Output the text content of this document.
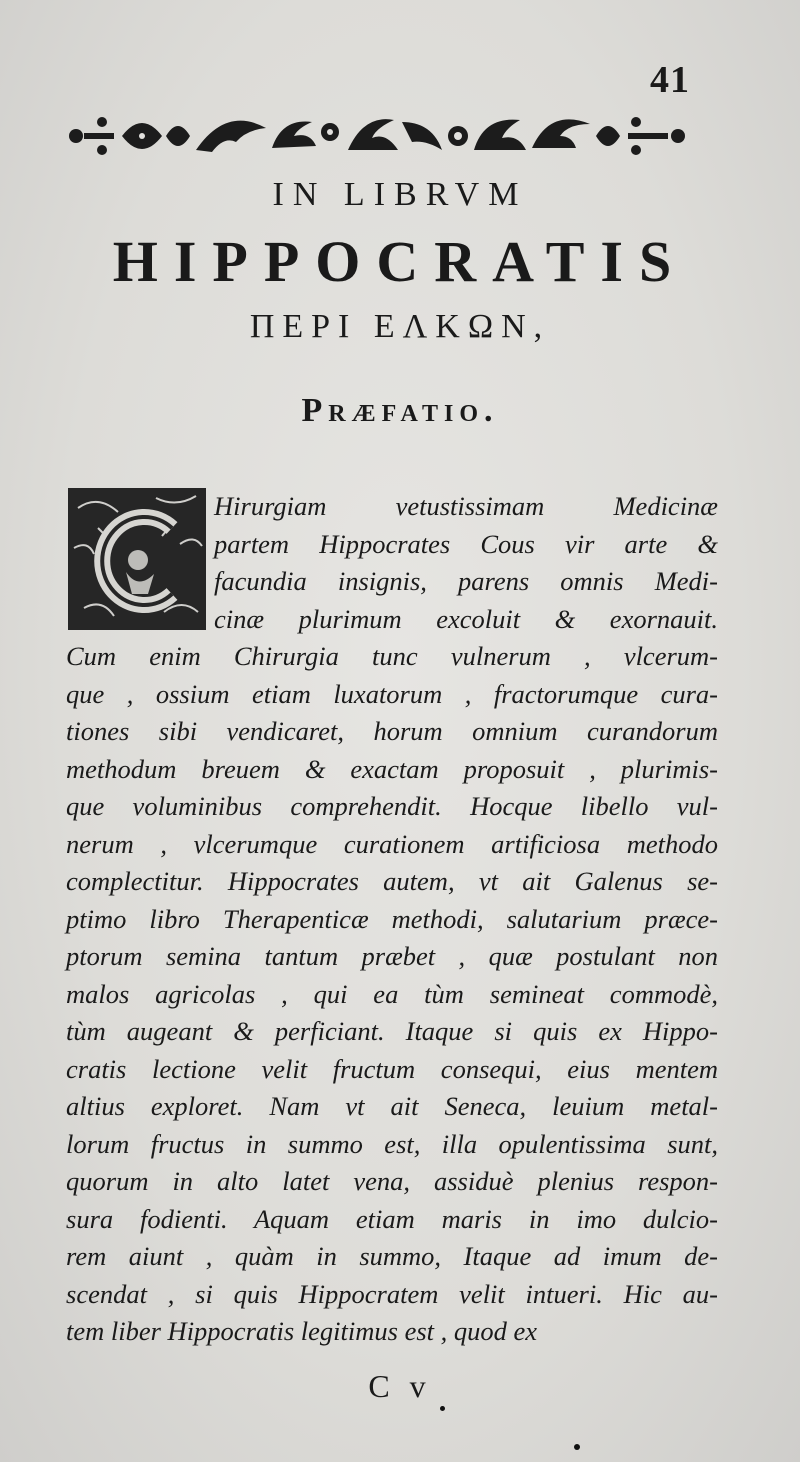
41
IN LIBRVM
HIPPOCRATIS
ΠΕΡΙ ΕΛΚΩΝ,
Præfatio.
Hirurgiam vetustissimam Medicinæ
partem Hippocrates Cous vir arte &
facundia insignis, parens omnis Medi-
cinæ plurimum excoluit & exornauit.
Cum enim Chirurgia tunc vulnerum , vlcerum-
que , ossium etiam luxatorum , fractorumque cura-
tiones sibi vendicaret, horum omnium curandorum
methodum breuem & exactam proposuit , plurimis-
que voluminibus comprehendit. Hocque libello vul-
nerum , vlcerumque curationem artificiosa methodo
complectitur. Hippocrates autem, vt ait Galenus se-
ptimo libro Therapenticæ methodi, salutarium præce-
ptorum semina tantum præbet , quæ postulant non
malos agricolas , qui ea tùm semineat commodè,
tùm augeant & perficiant. Itaque si quis ex Hippo-
cratis lectione velit fructum consequi, eius mentem
altius exploret. Nam vt ait Seneca, leuium metal-
lorum fructus in summo est, illa opulentissima sunt,
quorum in alto latet vena, assiduè plenius respon-
sura fodienti. Aquam etiam maris in imo dulcio-
rem aiunt , quàm in summo, Itaque ad imum de-
scendat , si quis Hippocratem velit intueri. Hic au-
tem liber Hippocratis legitimus est , quod ex
C v
